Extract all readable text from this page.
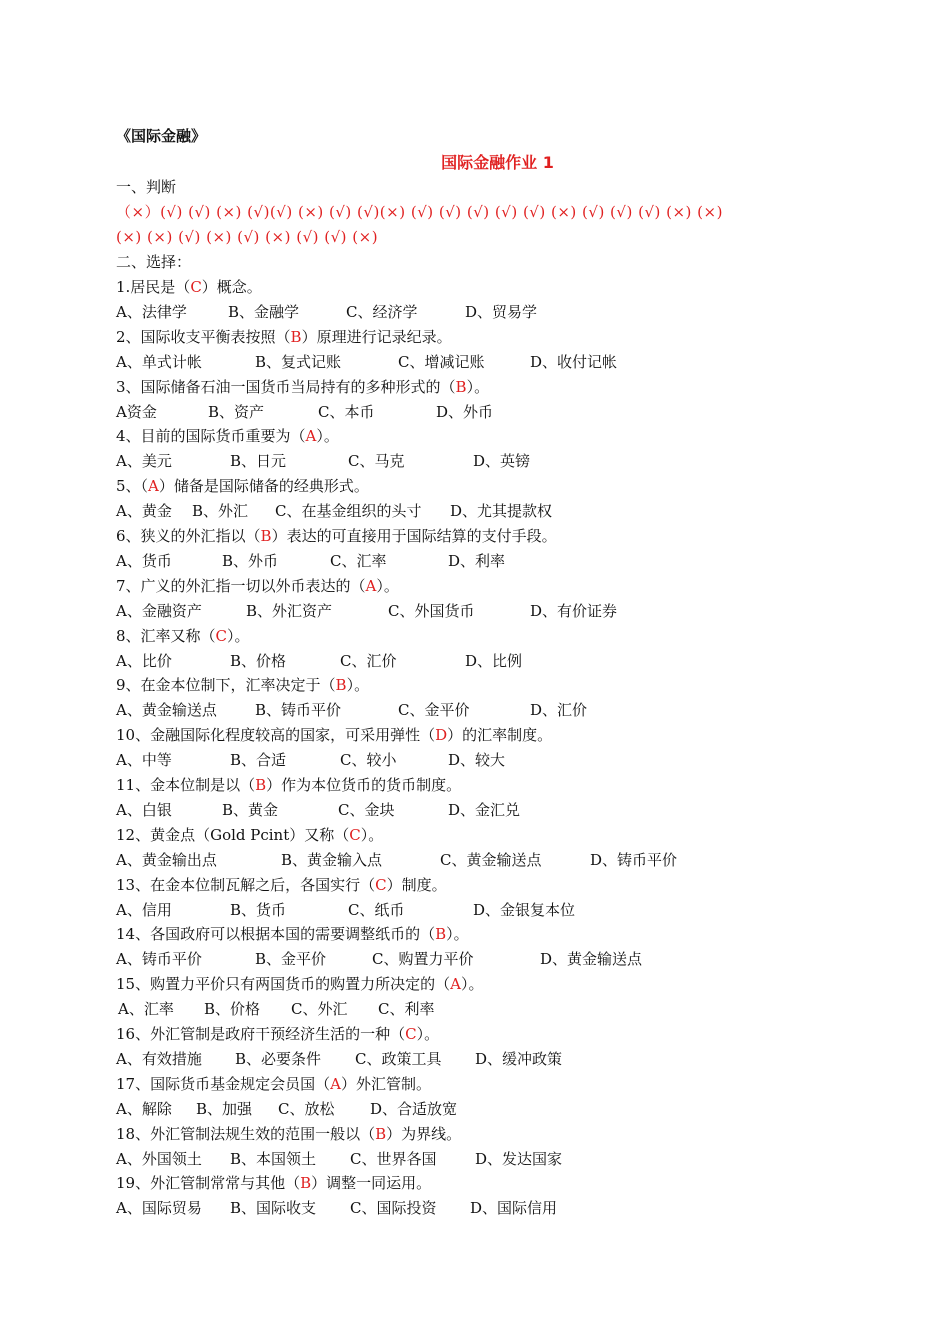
《国际金融》
国际金融作业 1
一、判断
（×）(√) (√) (×) (√)(√) (×) (√) (√)(×) (√) (√) (√) (√) (√) (×) (√) (√) (√) (×) (×)
(×) (×) (√) (×) (√) (×) (√) (√) (×)
二、选择：
1.居民是（C）概念。
A、法律学	B、金融学	C、经济学	D、贸易学
2、国际收支平衡表按照（B）原理进行记录纪录。
A、单式计帐	B、复式记账	C、增减记账	D、收付记帐
3、国际储备石油一国货币当局持有的多种形式的（B）。
A资金	B、资产	C、本币	D、外币
4、目前的国际货币重要为（A）。
A、美元	B、日元	C、马克	D、英镑
5、（A）储备是国际储备的经典形式。
A、黄金 B、外汇 C、在基金组织的头寸 D、尤其提款权
6、狭义的外汇指以（B）表达的可直接用于国际结算的支付手段。
A、货币	B、外币	C、汇率	D、利率
7、广义的外汇指一切以外币表达的（A）。
A、金融资产	B、外汇资产	C、外国货币	D、有价证券
8、汇率又称（C）。
A、比价	B、价格	C、汇价	D、比例
9、在金本位制下，汇率决定于（B）。
A、黄金输送点	B、铸币平价	C、金平价	D、汇价
10、金融国际化程度较高的国家，可采用弹性（D）的汇率制度。
A、中等	B、合适	C、较小	D、较大
11、金本位制是以（B）作为本位货币的货币制度。
A、白银	B、黄金	C、金块	D、金汇兑
12、黄金点（Gold Pcint）又称（C）。
A、黄金输出点	B、黄金输入点	C、黄金输送点	D、铸币平价
13、在金本位制瓦解之后，各国实行（C）制度。
A、信用	B、货币	C、纸币	D、金银复本位
14、各国政府可以根据本国的需要调整纸币的（B）。
A、铸币平价	B、金平价	C、购置力平价	D、黄金输送点
15、购置力平价只有两国货币的购置力所决定的（A）。
A、汇率 B、价格 C、外汇 C、利率
16、外汇管制是政府干预经济生活的一种（C）。
A、有效措施 B、必要条件 C、政策工具 D、缓冲政策
17、国际货币基金规定会员国（A）外汇管制。
A、解除 B、加强 C、放松 D、合适放宽
18、外汇管制法规生效的范围一般以（B）为界线。
A、外国领土 B、本国领土 C、世界各国	D、发达国家
19、外汇管制常常与其他（B）调整一同运用。
A、国际贸易 B、国际收支 C、国际投资 D、国际信用
